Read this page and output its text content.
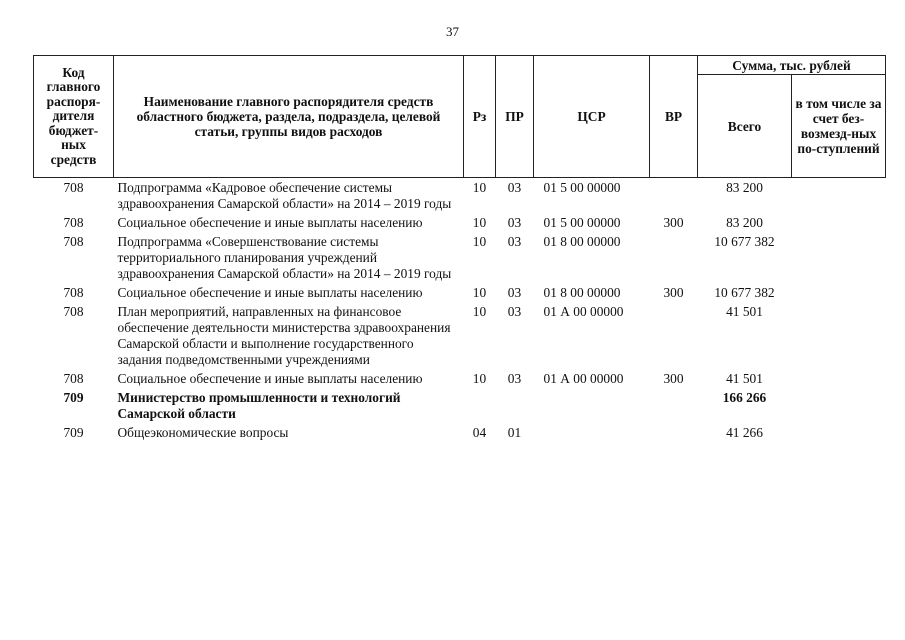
37
Код главного распоря-дителя бюджет-ных средств	Наименование главного распорядителя средств областного бюджета, раздела, подраздела, целевой статьи, группы видов расходов	Рз	ПР	ЦСР	ВР	Сумма, тыс. рублей	
						Всего	в том числе за счет без-возмезд-ных по-ступлений
708	Подпрограмма «Кадровое обеспечение системы здравоохранения Самарской области» на 2014 – 2019 годы	10	03	01 5 00 00000		83 200	
708	Социальное обеспечение и иные выплаты населению	10	03	01 5 00 00000	300	83 200	
708	Подпрограмма «Совершенствование системы территориального планирования учреждений здравоохранения Самарской области» на 2014 – 2019 годы	10	03	01 8 00 00000		10 677 382	
708	Социальное обеспечение и иные выплаты населению	10	03	01 8 00 00000	300	10 677 382	
708	План мероприятий, направленных на финансовое обеспечение деятельности министерства здравоохранения Самарской области и выполнение государственного задания подведомственными учреждениями	10	03	01 А 00 00000		41 501	
708	Социальное обеспечение и иные выплаты населению	10	03	01 А 00 00000	300	41 501	
709	Министерство промышленности и технологий Самарской области					166 266	
709	Общеэкономические вопросы	04	01			41 266	
